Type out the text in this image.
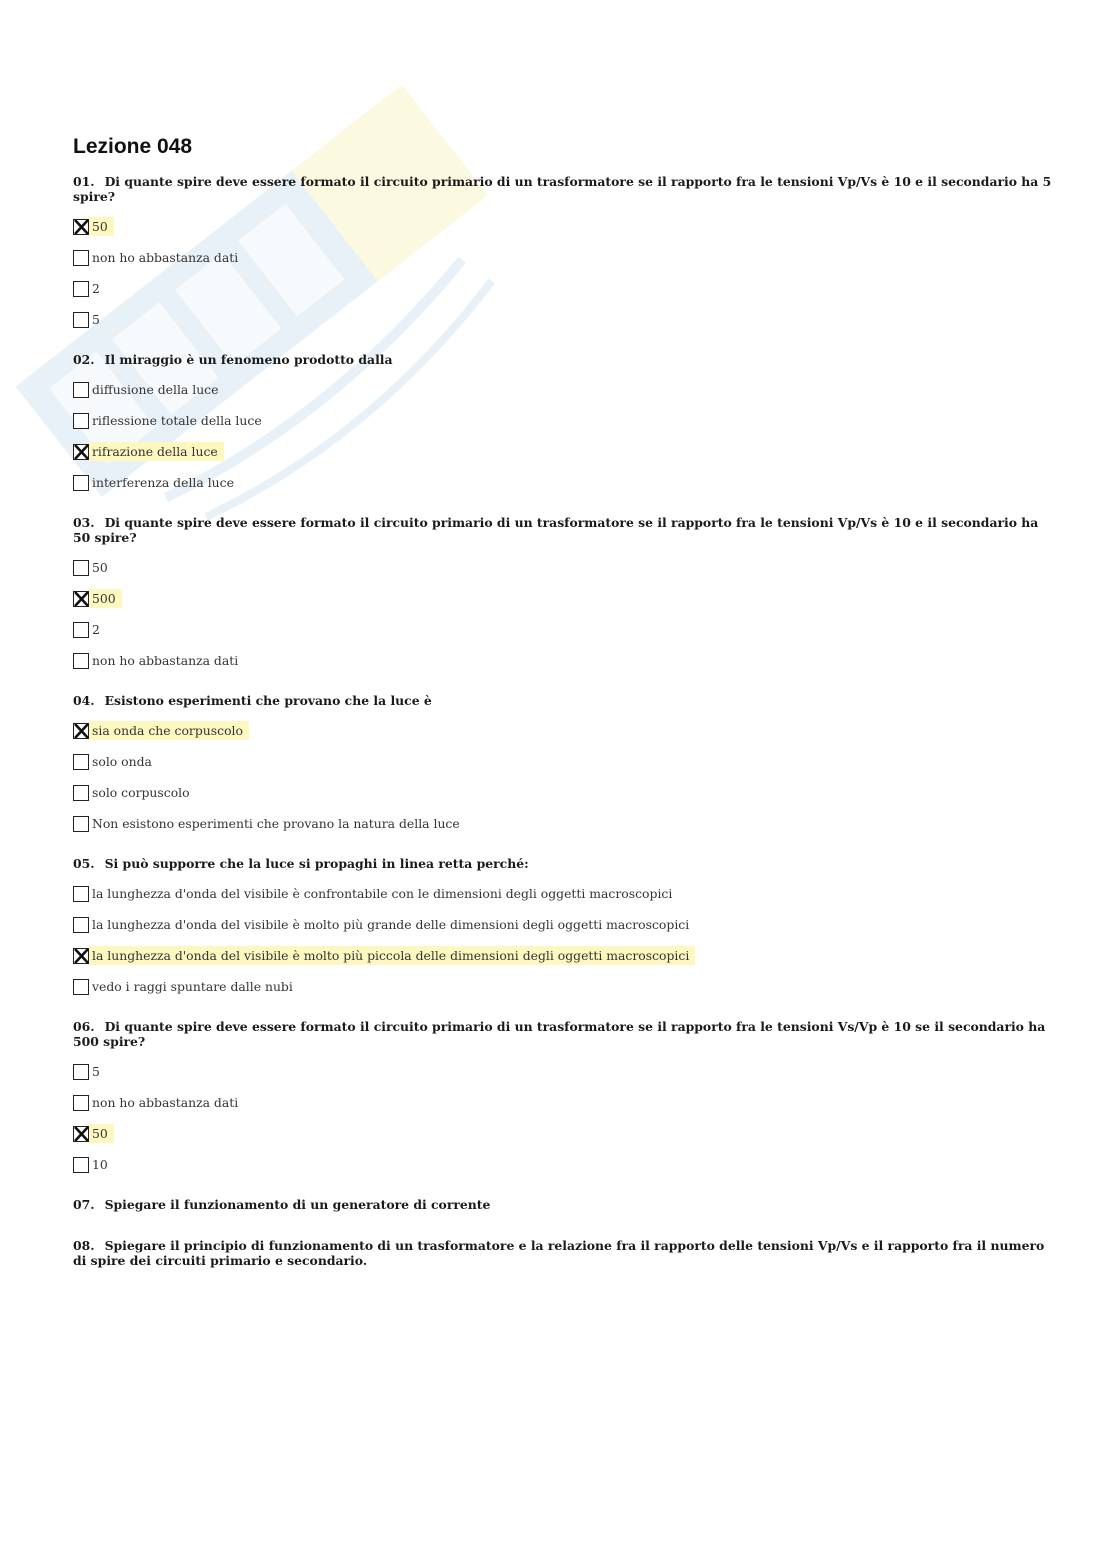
Lezione 048

01. Di quante spire deve essere formato il circuito primario di un trasformatore se il rapporto fra le tensioni Vp/Vs è 10 e il secondario ha 5 spire?

50
non ho abbastanza dati
2
5

02. Il miraggio è un fenomeno prodotto dalla

diffusione della luce
riflessione totale della luce
rifrazione della luce
interferenza della luce

03. Di quante spire deve essere formato il circuito primario di un trasformatore se il rapporto fra le tensioni Vp/Vs è 10 e il secondario ha 50 spire?

50
500
2
non ho abbastanza dati

04. Esistono esperimenti che provano che la luce è

sia onda che corpuscolo
solo onda
solo corpuscolo
Non esistono esperimenti che provano la natura della luce

05. Si può supporre che la luce si propaghi in linea retta perché:

la lunghezza d'onda del visibile è confrontabile con le dimensioni degli oggetti macroscopici
la lunghezza d'onda del visibile è molto più grande delle dimensioni degli oggetti macroscopici
la lunghezza d'onda del visibile è molto più piccola delle dimensioni degli oggetti macroscopici
vedo i raggi spuntare dalle nubi

06. Di quante spire deve essere formato il circuito primario di un trasformatore se il rapporto fra le tensioni Vs/Vp è 10 se il secondario ha 500 spire?

5
non ho abbastanza dati
50
10

07. Spiegare il funzionamento di un generatore di corrente

08. Spiegare il principio di funzionamento di un trasformatore e la relazione fra il rapporto delle tensioni Vp/Vs e il rapporto fra il numero di spire dei circuiti primario e secondario.
